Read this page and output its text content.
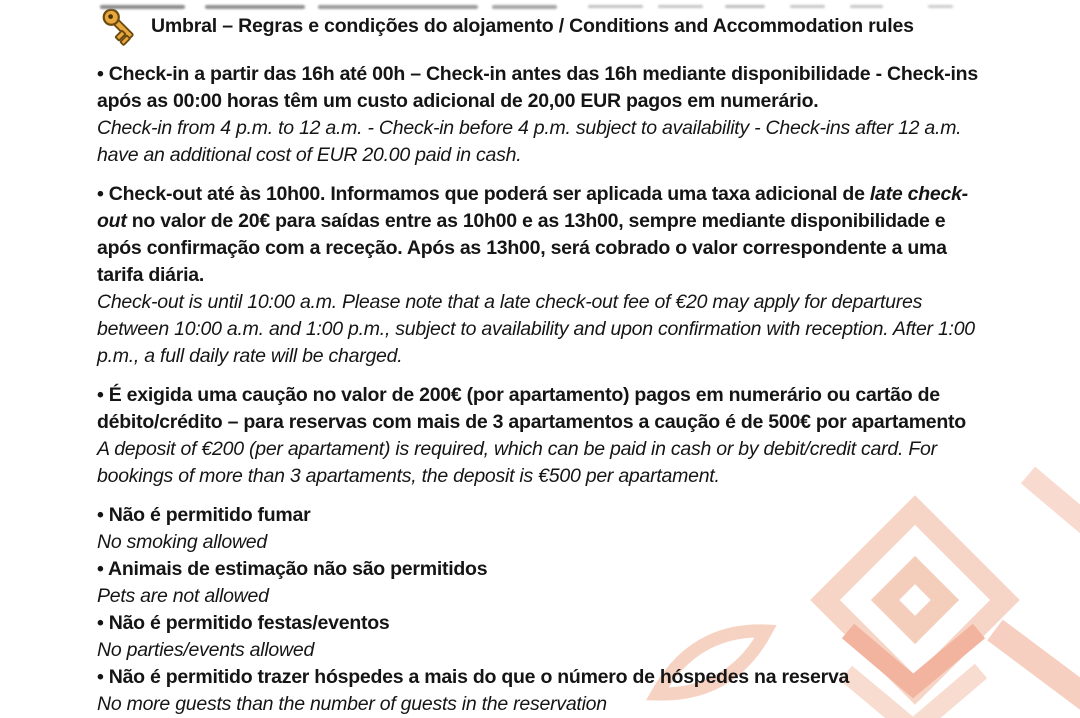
Umbral – Regras e condições do alojamento / Conditions and Accommodation rules

• Check-in a partir das 16h até 00h – Check-in antes das 16h mediante disponibilidade - Check-ins após as 00:00 horas têm um custo adicional de 20,00 EUR pagos em numerário.

Check-in from 4 p.m. to 12 a.m. - Check-in before 4 p.m. subject to availability - Check-ins after 12 a.m. have an additional cost of EUR 20.00 paid in cash.

• Check-out até às 10h00. Informamos que poderá ser aplicada uma taxa adicional de late check-out no valor de 20€ para saídas entre as 10h00 e as 13h00, sempre mediante disponibilidade e após confirmação com a receção. Após as 13h00, será cobrado o valor correspondente a uma tarifa diária.

Check-out is until 10:00 a.m. Please note that a late check-out fee of €20 may apply for departures between 10:00 a.m. and 1:00 p.m., subject to availability and upon confirmation with reception. After 1:00 p.m., a full daily rate will be charged.

• É exigida uma caução no valor de 200€ (por apartamento) pagos em numerário ou cartão de débito/crédito – para reservas com mais de 3 apartamentos a caução é de 500€ por apartamento

A deposit of €200 (per apartament) is required, which can be paid in cash or by debit/credit card. For bookings of more than 3 apartaments, the deposit is €500 per apartament.

• Não é permitido fumar

No smoking allowed

• Animais de estimação não são permitidos

Pets are not allowed

• Não é permitido festas/eventos

No parties/events allowed

• Não é permitido trazer hóspedes a mais do que o número de hóspedes na reserva

No more guests than the number of guests in the reservation
